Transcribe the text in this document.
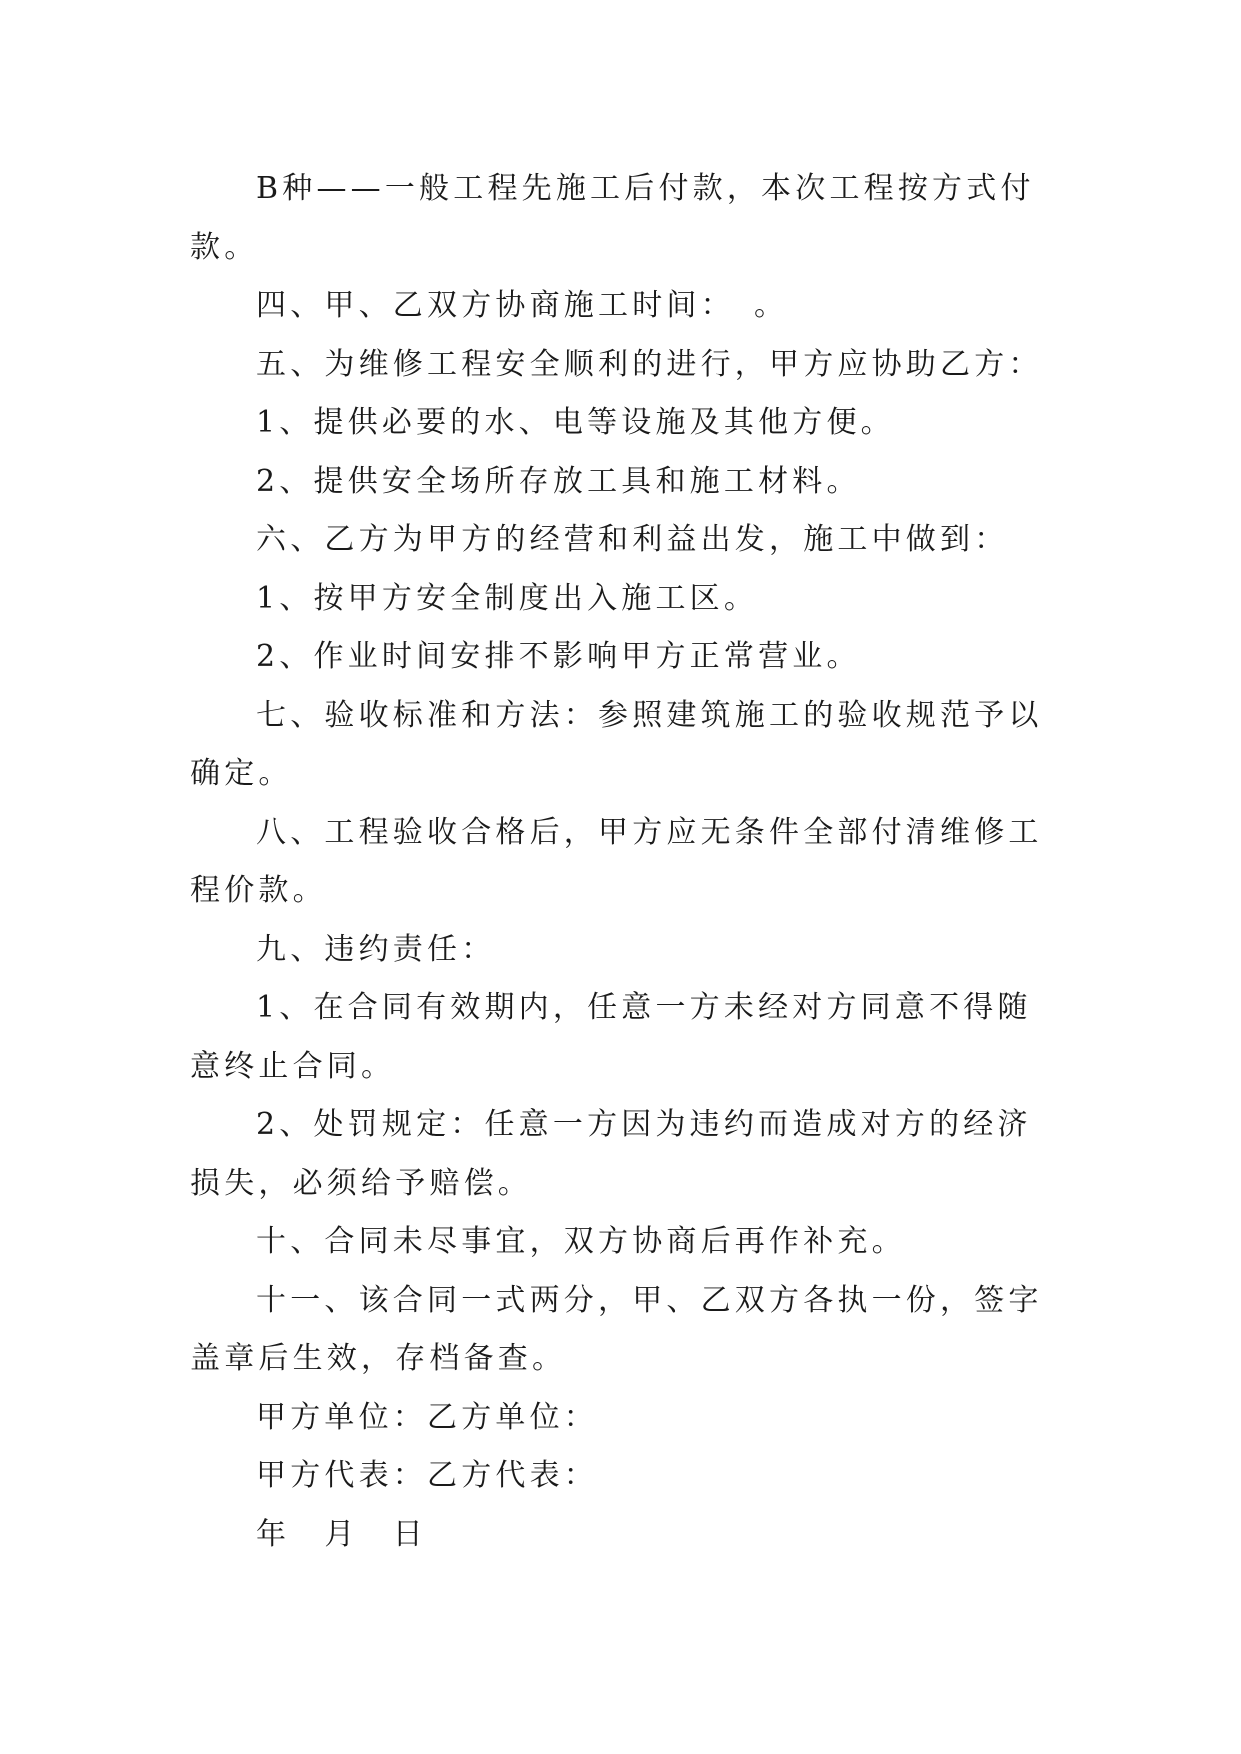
B种——一般工程先施工后付款，本次工程按方式付款。

四、甲、乙双方协商施工时间：　。

五、为维修工程安全顺利的进行，甲方应协助乙方：

1、提供必要的水、电等设施及其他方便。

2、提供安全场所存放工具和施工材料。

六、乙方为甲方的经营和利益出发，施工中做到：

1、按甲方安全制度出入施工区。

2、作业时间安排不影响甲方正常营业。

七、验收标准和方法：参照建筑施工的验收规范予以确定。

八、工程验收合格后，甲方应无条件全部付清维修工程价款。

九、违约责任：

1、在合同有效期内，任意一方未经对方同意不得随意终止合同。

2、处罚规定：任意一方因为违约而造成对方的经济损失，必须给予赔偿。

十、合同未尽事宜，双方协商后再作补充。

十一、该合同一式两分，甲、乙双方各执一份，签字盖章后生效，存档备查。

甲方单位：乙方单位：

甲方代表：乙方代表：

年　月　日
